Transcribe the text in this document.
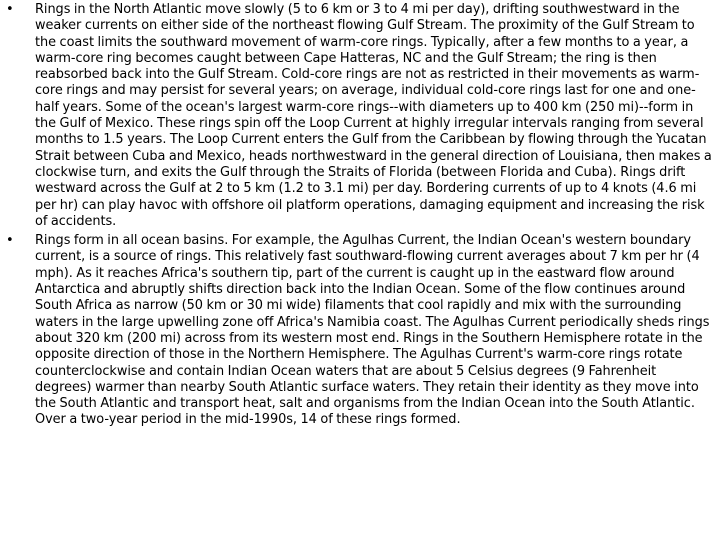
• Rings in the North Atlantic move slowly (5 to 6 km or 3 to 4 mi per day), drifting southwestward in the weaker currents on either side of the northeast flowing Gulf Stream. The proximity of the Gulf Stream to the coast limits the southward movement of warm-core rings. Typically, after a few months to a year, a warm-core ring becomes caught between Cape Hatteras, NC and the Gulf Stream; the ring is then reabsorbed back into the Gulf Stream. Cold-core rings are not as restricted in their movements as warm-core rings and may persist for several years; on average, individual cold-core rings last for one and one-half years. Some of the ocean's largest warm-core rings--with diameters up to 400 km (250 mi)--form in the Gulf of Mexico. These rings spin off the Loop Current at highly irregular intervals ranging from several months to 1.5 years. The Loop Current enters the Gulf from the Caribbean by flowing through the Yucatan Strait between Cuba and Mexico, heads northwestward in the general direction of Louisiana, then makes a clockwise turn, and exits the Gulf through the Straits of Florida (between Florida and Cuba). Rings drift westward across the Gulf at 2 to 5 km (1.2 to 3.1 mi) per day. Bordering currents of up to 4 knots (4.6 mi per hr) can play havoc with offshore oil platform operations, damaging equipment and increasing the risk of accidents.
• Rings form in all ocean basins. For example, the Agulhas Current, the Indian Ocean's western boundary current, is a source of rings. This relatively fast southward-flowing current averages about 7 km per hr (4 mph). As it reaches Africa's southern tip, part of the current is caught up in the eastward flow around Antarctica and abruptly shifts direction back into the Indian Ocean. Some of the flow continues around South Africa as narrow (50 km or 30 mi wide) filaments that cool rapidly and mix with the surrounding waters in the large upwelling zone off Africa's Namibia coast. The Agulhas Current periodically sheds rings about 320 km (200 mi) across from its western most end. Rings in the Southern Hemisphere rotate in the opposite direction of those in the Northern Hemisphere. The Agulhas Current's warm-core rings rotate counterclockwise and contain Indian Ocean waters that are about 5 Celsius degrees (9 Fahrenheit degrees) warmer than nearby South Atlantic surface waters. They retain their identity as they move into the South Atlantic and transport heat, salt and organisms from the Indian Ocean into the South Atlantic. Over a two-year period in the mid-1990s, 14 of these rings formed.
